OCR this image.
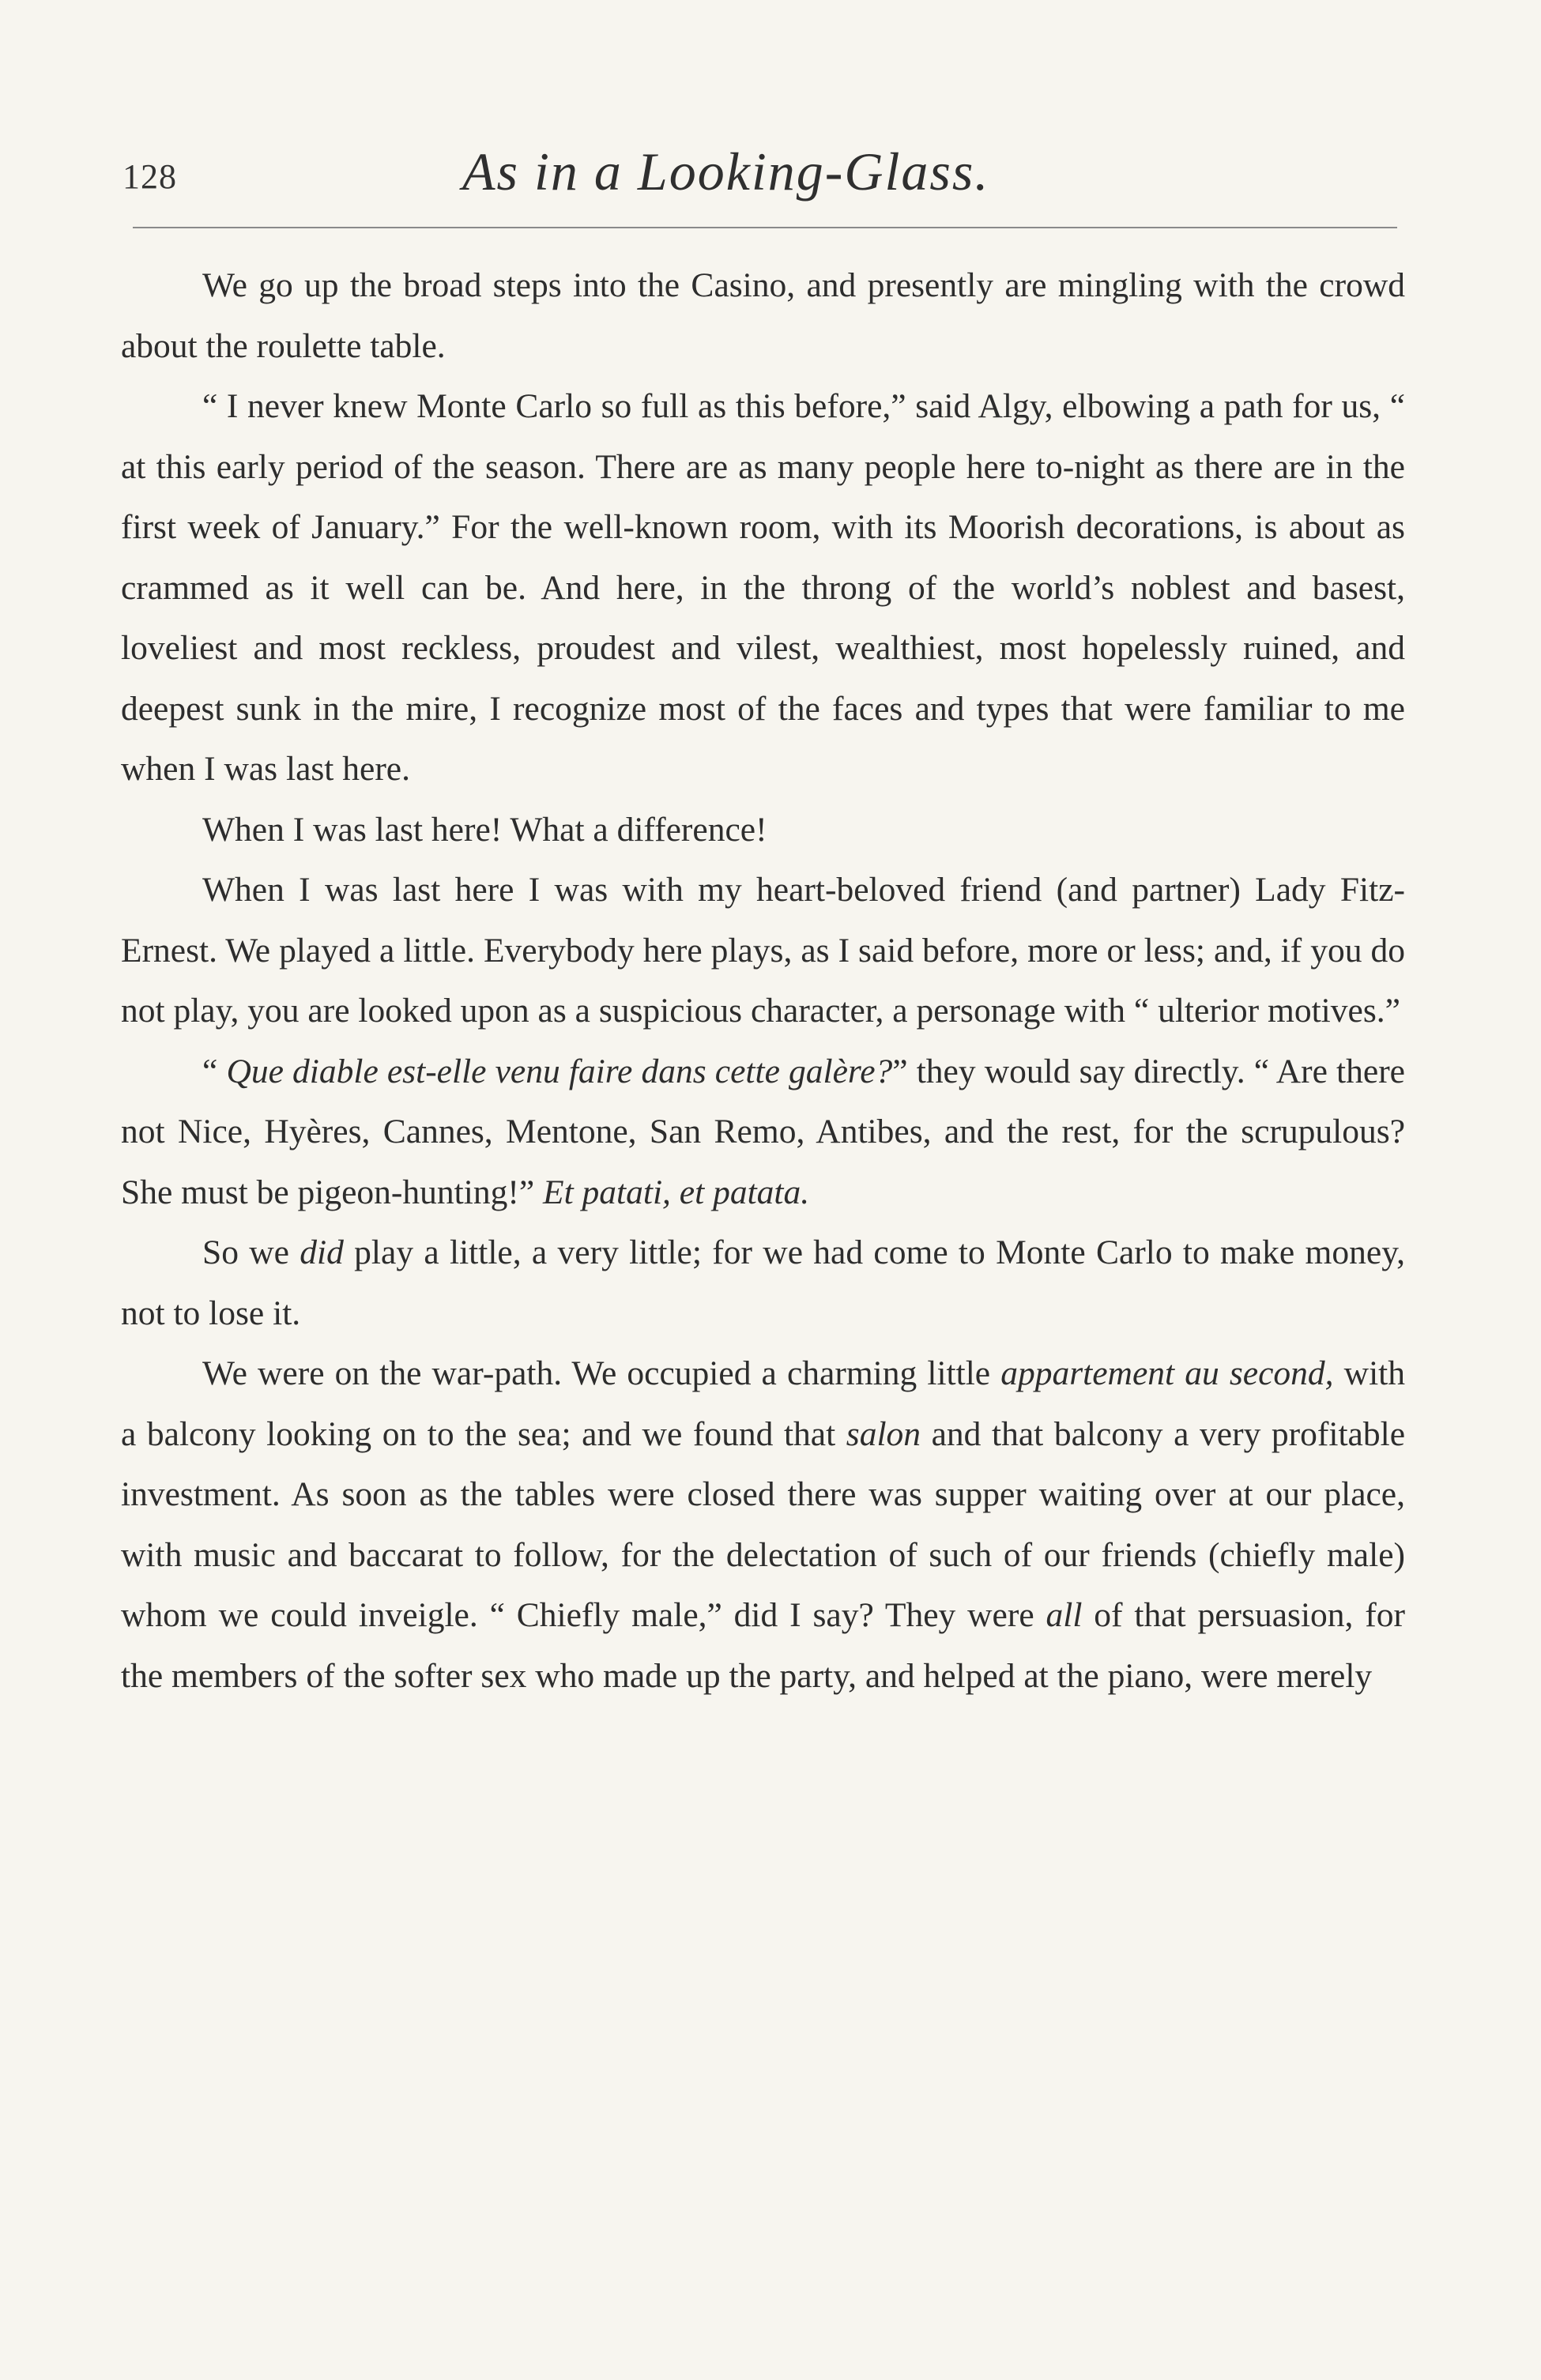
128	As in a Looking-Glass.

We go up the broad steps into the Casino, and presently are mingling with the crowd about the roulette table.

“ I never knew Monte Carlo so full as this before,” said Algy, elbowing a path for us, “ at this early period of the season. There are as many people here to-night as there are in the first week of January.” For the well-known room, with its Moorish decorations, is about as crammed as it well can be. And here, in the throng of the world’s noblest and basest, loveliest and most reckless, proudest and vilest, wealthiest, most hopelessly ruined, and deepest sunk in the mire, I recognize most of the faces and types that were familiar to me when I was last here.

When I was last here! What a difference!

When I was last here I was with my heart-beloved friend (and partner) Lady Fitz-Ernest. We played a little. Everybody here plays, as I said before, more or less; and, if you do not play, you are looked upon as a suspicious character, a personage with “ ulterior motives.”

“ Que diable est-elle venu faire dans cette galère?” they would say directly. “ Are there not Nice, Hyères, Cannes, Mentone, San Remo, Antibes, and the rest, for the scrupulous? She must be pigeon-hunting!” Et patati, et patata.

So we did play a little, a very little; for we had come to Monte Carlo to make money, not to lose it.

We were on the war-path. We occupied a charming little appartement au second, with a balcony looking on to the sea; and we found that salon and that balcony a very profitable investment. As soon as the tables were closed there was supper waiting over at our place, with music and baccarat to follow, for the delectation of such of our friends (chiefly male) whom we could inveigle. “ Chiefly male,” did I say? They were all of that persuasion, for the members of the softer sex who made up the party, and helped at the piano, were merely
